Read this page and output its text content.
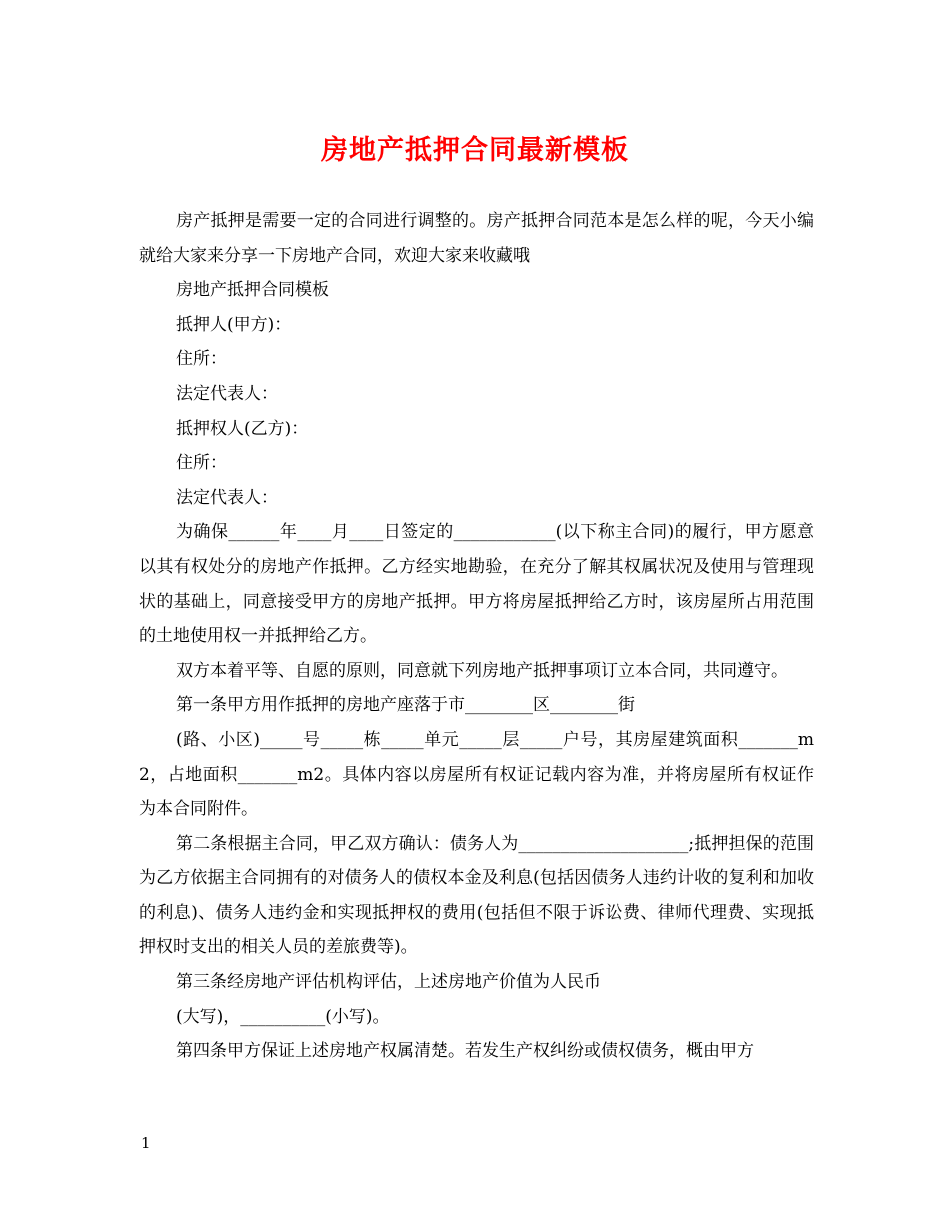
房地产抵押合同最新模板

房产抵押是需要一定的合同进行调整的。房产抵押合同范本是怎么样的呢，今天小编就给大家来分享一下房地产合同，欢迎大家来收藏哦

房地产抵押合同模板

抵押人(甲方)：

住所：

法定代表人：

抵押权人(乙方)：

住所：

法定代表人：

为确保______年____月____日签定的____________(以下称主合同)的履行，甲方愿意以其有权处分的房地产作抵押。乙方经实地勘验，在充分了解其权属状况及使用与管理现状的基础上，同意接受甲方的房地产抵押。甲方将房屋抵押给乙方时，该房屋所占用范围的土地使用权一并抵押给乙方。

双方本着平等、自愿的原则，同意就下列房地产抵押事项订立本合同，共同遵守。

第一条甲方用作抵押的房地产座落于市________区________街

(路、小区)_____号_____栋_____单元_____层_____户号，其房屋建筑面积_______m2，占地面积_______m2。具体内容以房屋所有权证记载内容为准，并将房屋所有权证作为本合同附件。

第二条根据主合同，甲乙双方确认：债务人为____________________;抵押担保的范围为乙方依据主合同拥有的对债务人的债权本金及利息(包括因债务人违约计收的复利和加收的利息)、债务人违约金和实现抵押权的费用(包括但不限于诉讼费、律师代理费、实现抵押权时支出的相关人员的差旅费等)。

第三条经房地产评估机构评估，上述房地产价值为人民币

(大写)，__________(小写)。

第四条甲方保证上述房地产权属清楚。若发生产权纠纷或债权债务，概由甲方

1
